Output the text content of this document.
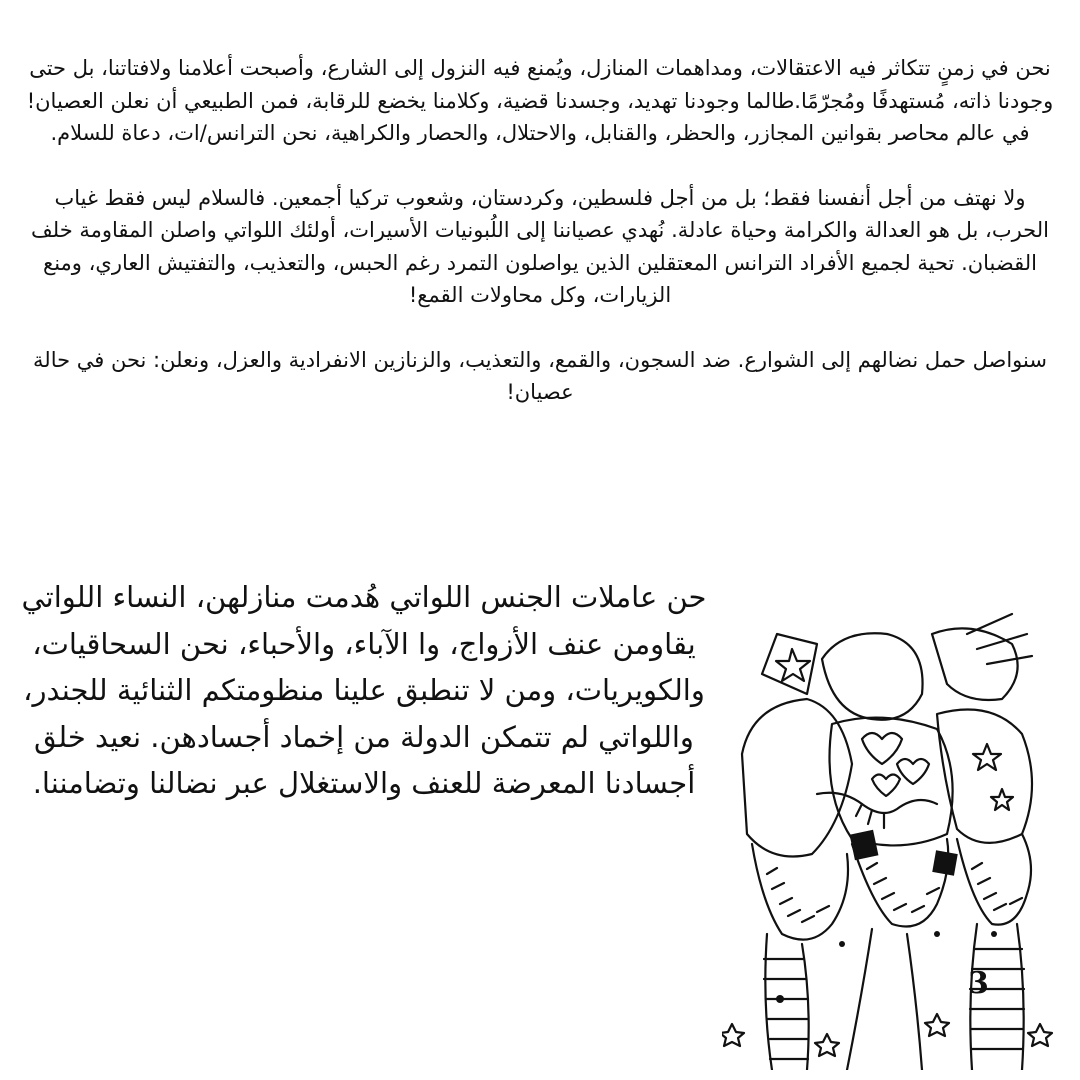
نحن في زمنٍ تتكاثر فيه الاعتقالات، ومداهمات المنازل، ويُمنع فيه النزول إلى الشارع، وأصبحت أعلامنا ولافتاتنا، بل حتى وجودنا ذاته، مُستهدفًا ومُجرّمًا.طالما وجودنا تهديد، وجسدنا قضية، وكلامنا يخضع للرقابة، فمن الطبيعي أن نعلن العصيان!

في عالم محاصر بقوانين المجازر، والحظر، والقنابل، والاحتلال، والحصار والكراهية، نحن الترانس/ات، دعاة للسلام.

ولا نهتف من أجل أنفسنا فقط؛ بل من أجل فلسطين، وكردستان، وشعوب تركيا أجمعين. فالسلام ليس فقط غياب الحرب، بل هو العدالة والكرامة وحياة عادلة. نُهدي عصياننا إلى اللُبونيات الأسيرات، أولئك اللواتي واصلن المقاومة خلف القضبان. تحية لجميع الأفراد الترانس المعتقلين الذين يواصلون التمرد رغم الحبس، والتعذيب، والتفتيش العاري، ومنع الزيارات، وكل محاولات القمع!

سنواصل حمل نضالهم إلى الشوارع. ضد السجون، والقمع، والتعذيب، والزنازين الانفرادية والعزل، ونعلن: نحن في حالة عصيان!

حن عاملات الجنس اللواتي هُدمت منازلهن، النساء اللواتي يقاومن عنف الأزواج، وا الآباء، والأحباء، نحن السحاقيات، والكويريات، ومن لا تنطبق علينا منظومتكم الثنائية للجندر، واللواتي لم تتمكن الدولة من إخماد أجسادهن. نعيد خلق أجسادنا المعرضة للعنف والاستغلال عبر نضالنا وتضامننا.
3
